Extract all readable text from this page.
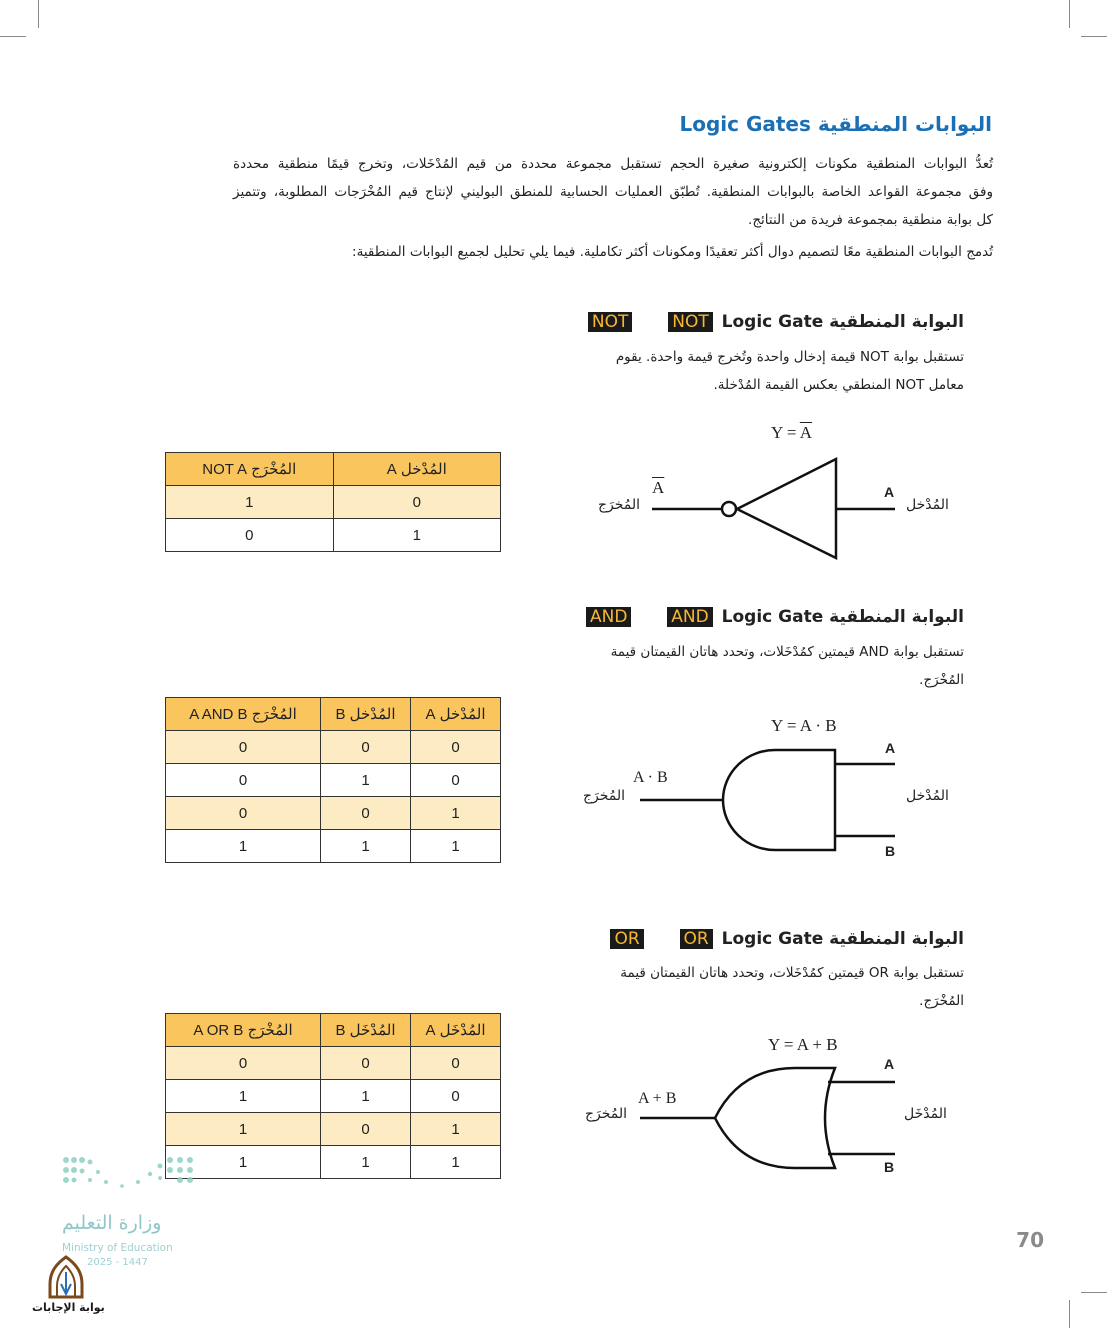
البوابات المنطقية Logic Gates

تُعدُّ البوابات المنطقية مكونات إلكترونية صغيرة الحجم تستقبل مجموعة محددة من قيم المُدْخَلات، وتخرج قيمًا منطقية محددة

وفق مجموعة القواعد الخاصة بالبوابات المنطقية. تُطبّق العمليات الحسابية للمنطق البوليني لإنتاج قيم المُخْرَجات المطلوبة، وتتميز

كل بوابة منطقية بمجموعة فريدة من النتائج.

تُدمج البوابات المنطقية معًا لتصميم دوال أكثر تعقيدًا ومكونات أكثر تكاملية. فيما يلي تحليل لجميع البوابات المنطقية:

البوابة المنطقية NOT	NOT Logic Gate
تستقبل بوابة NOT قيمة إدخال واحدة وتُخرج قيمة واحدة. يقوم
معامل NOT المنطقي بعكس القيمة المُدْخلة.
$Y = \overline{A}$
$\overline{A}$	A
المُخرَج	المُدْخل
المُدْخل A	المُخْرَج NOT A
0	1
1	0
البوابة المنطقية AND	AND Logic Gate
تستقبل بوابة AND قيمتين كمُدْخَلات، وتحدد هاتان القيمتان قيمة
المُخْرَج.
Y = A · B
A · B
A
B
المُخرَج	المُدْخل
المُدْخل A	المُدْخل B	المُخْرَج A AND B
0	0	0
0	1	0
1	0	0
1	1	1
البوابة المنطقية OR	OR Logic Gate
تستقبل بوابة OR قيمتين كمُدْخَلات، وتحدد هاتان القيمتان قيمة
المُخْرَج.
Y = A + B
A + B
A
B
المُخرَج	المُدْخَل
المُدْخَل A	المُدْخَل B	المُخْرَج A OR B
0	0	0
0	1	1
1	0	1
1	1	1
70
وزارة التعليم
Ministry of Education
2025 - 1447
بوابة الإجابات
